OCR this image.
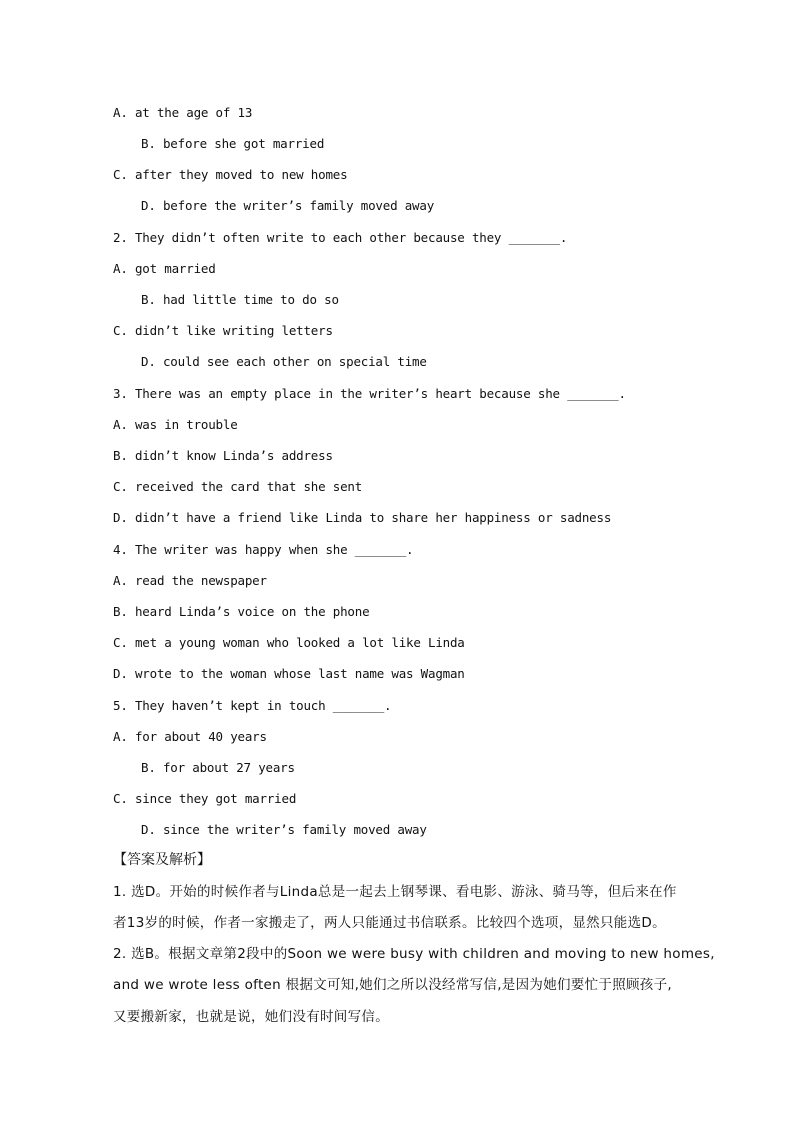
A. at the age of 13
B. before she got married
C. after they moved to new homes
D. before the writer’s family moved away
2. They didn’t often write to each other because they _______.
A. got married
B. had little time to do so
C. didn’t like writing letters
D. could see each other on special time
3. There was an empty place in the writer’s heart because she _______.
A. was in trouble
B. didn’t know Linda’s address
C. received the card that she sent
D. didn’t have a friend like Linda to share her happiness or sadness
4. The writer was happy when she _______.
A. read the newspaper
B. heard Linda’s voice on the phone
C. met a young woman who looked a lot like Linda
D. wrote to the woman whose last name was Wagman
5. They haven’t kept in touch _______.
A. for about 40 years
B. for about 27 years
C. since they got married
D. since the writer’s family moved away
【答案及解析】
1. 选D。开始的时候作者与Linda总是一起去上钢琴课、看电影、游泳、骑马等，但后来在作
者13岁的时候，作者一家搬走了，两人只能通过书信联系。比较四个选项，显然只能选D。
2. 选B。根据文章第2段中的Soon we were busy with children and moving to new homes,
and we wrote less often 根据文可知,她们之所以没经常写信,是因为她们要忙于照顾孩子,
又要搬新家，也就是说，她们没有时间写信。
